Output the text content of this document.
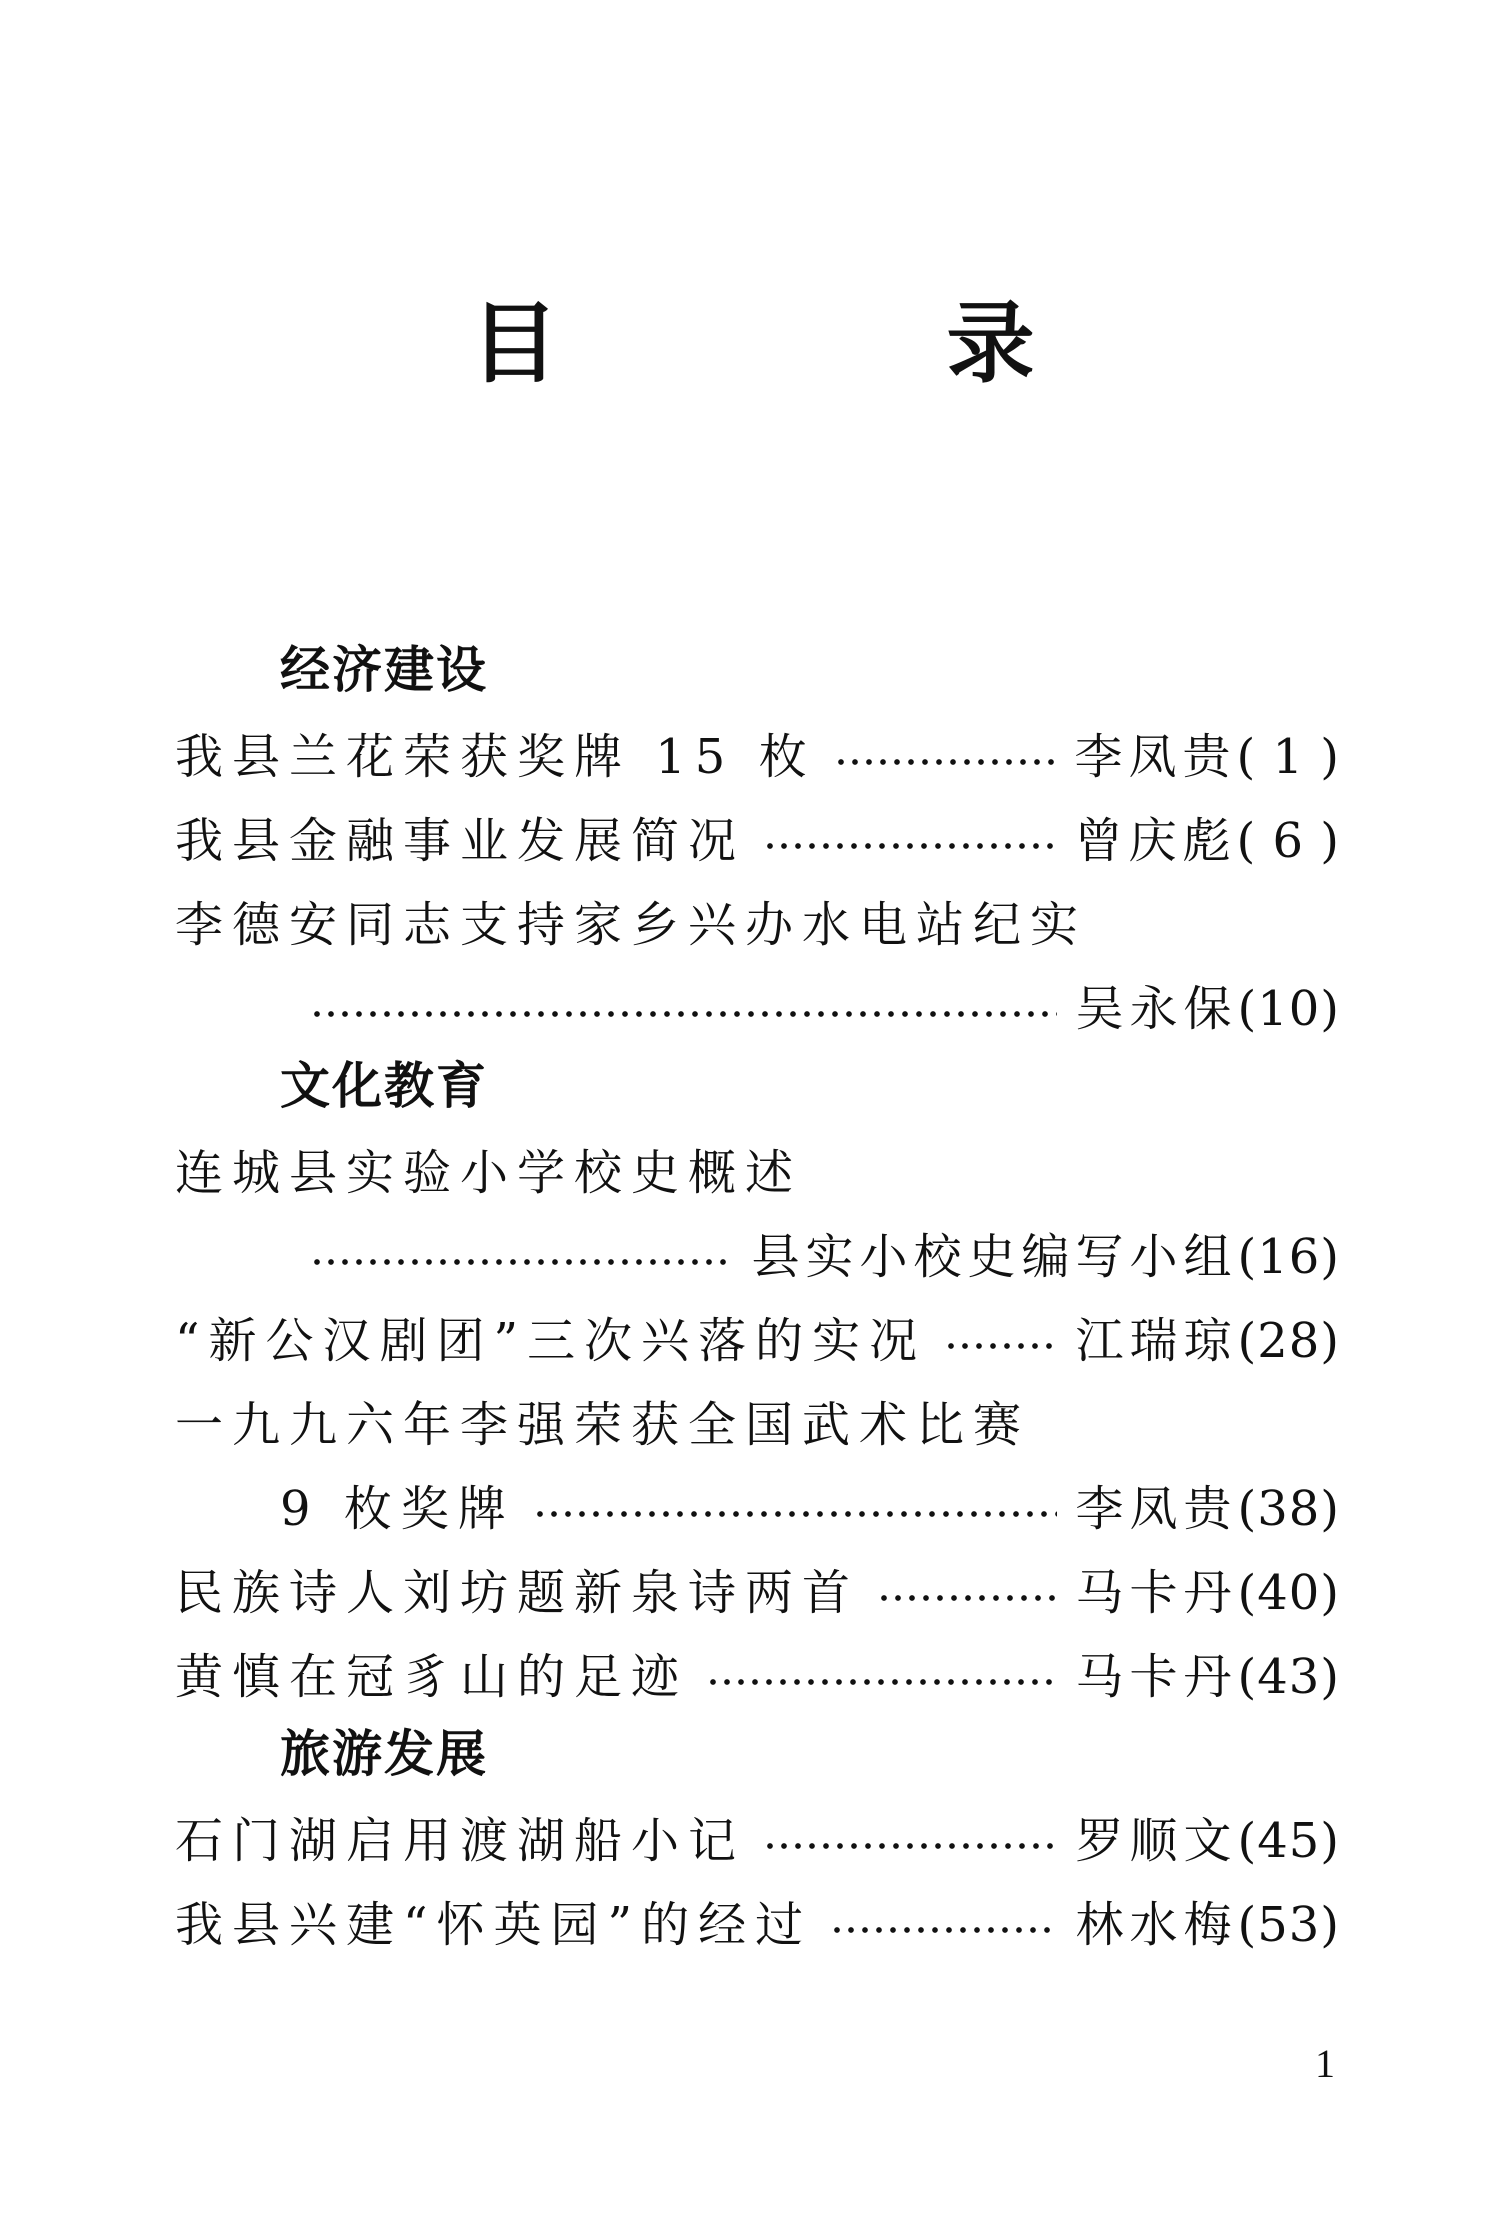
目　录
经济建设
我县兰花荣获奖牌 15 枚	李凤贵( 1 )
我县金融事业发展简况	曾庆彪( 6 )
李德安同志支持家乡兴办水电站纪实
吴永保(10)
文化教育
连城县实验小学校史概述
县实小校史编写小组(16)
“新公汉剧团”三次兴落的实况	江瑞琼(28)
一九九六年李强荣获全国武术比赛
9 枚奖牌	李凤贵(38)
民族诗人刘坊题新泉诗两首	马卡丹(40)
黄慎在冠豸山的足迹	马卡丹(43)
旅游发展
石门湖启用渡湖船小记	罗顺文(45)
我县兴建“怀英园”的经过	林水梅(53)
1
